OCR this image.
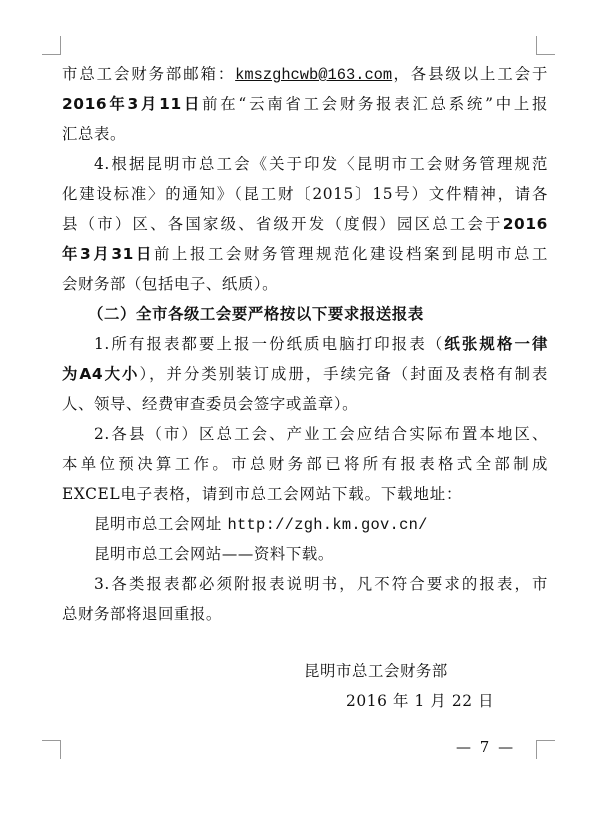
市总工会财务部邮箱：kmszghcwb@163.com，各县级以上工会于
2016年3月11日前在“云南省工会财务报表汇总系统”中上报
汇总表。
4.根据昆明市总工会《关于印发〈昆明市工会财务管理规范
化建设标准〉的通知》（昆工财〔2015〕15号）文件精神，请各
县（市）区、各国家级、省级开发（度假）园区总工会于2016
年3月31日前上报工会财务管理规范化建设档案到昆明市总工
会财务部（包括电子、纸质）。
（二）全市各级工会要严格按以下要求报送报表
1.所有报表都要上报一份纸质电脑打印报表（纸张规格一律
为A4大小），并分类别装订成册，手续完备（封面及表格有制表
人、领导、经费审查委员会签字或盖章）。
2.各县（市）区总工会、产业工会应结合实际布置本地区、
本单位预决算工作。市总财务部已将所有报表格式全部制成
EXCEL电子表格，请到市总工会网站下载。下载地址：
昆明市总工会网址 http://zgh.km.gov.cn/
昆明市总工会网站——资料下载。
3.各类报表都必须附报表说明书，凡不符合要求的报表，市
总财务部将退回重报。
昆明市总工会财务部
2016 年 1 月 22 日
— 7 —
